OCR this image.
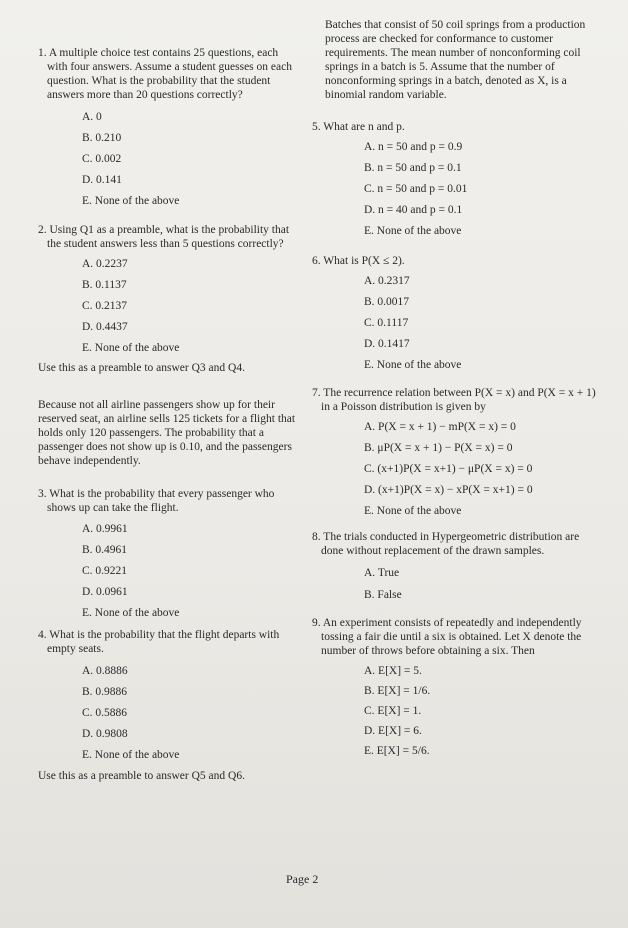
1. A multiple choice test contains 25 questions, each with four answers. Assume a student guesses on each question. What is the probability that the student answers more than 20 questions correctly?
A. 0
B. 0.210
C. 0.002
D. 0.141
E. None of the above
2. Using Q1 as a preamble, what is the probability that the student answers less than 5 questions correctly?
A. 0.2237
B. 0.1137
C. 0.2137
D. 0.4437
E. None of the above

Use this as a preamble to answer Q3 and Q4.

Because not all airline passengers show up for their reserved seat, an airline sells 125 tickets for a flight that holds only 120 passengers. The probability that a passenger does not show up is 0.10, and the passengers behave independently.

3. What is the probability that every passenger who shows up can take the flight.
A. 0.9961
B. 0.4961
C. 0.9221
D. 0.0961
E. None of the above
4. What is the probability that the flight departs with empty seats.
A. 0.8886
B. 0.9886
C. 0.5886
D. 0.9808
E. None of the above

Use this as a preamble to answer Q5 and Q6.

Batches that consist of 50 coil springs from a production process are checked for conformance to customer requirements. The mean number of nonconforming coil springs in a batch is 5. Assume that the number of nonconforming springs in a batch, denoted as X, is a binomial random variable.

5. What are n and p.
A. n = 50 and p = 0.9
B. n = 50 and p = 0.1
C. n = 50 and p = 0.01
D. n = 40 and p = 0.1
E. None of the above
6. What is P(X ≤ 2).
A. 0.2317
B. 0.0017
C. 0.1117
D. 0.1417
E. None of the above
7. The recurrence relation between P(X = x) and P(X = x + 1) in a Poisson distribution is given by
A. P(X = x + 1) − mP(X = x) = 0
B. μP(X = x + 1) − P(X = x) = 0
C. (x+1)P(X = x+1) − μP(X = x) = 0
D. (x+1)P(X = x) − xP(X = x+1) = 0
E. None of the above
8. The trials conducted in Hypergeometric distribution are done without replacement of the drawn samples.
A. True
B. False
9. An experiment consists of repeatedly and independently tossing a fair die until a six is obtained. Let X denote the number of throws before obtaining a six. Then
A. E[X] = 5.
B. E[X] = 1/6.
C. E[X] = 1.
D. E[X] = 6.
E. E[X] = 5/6.
Page 2
